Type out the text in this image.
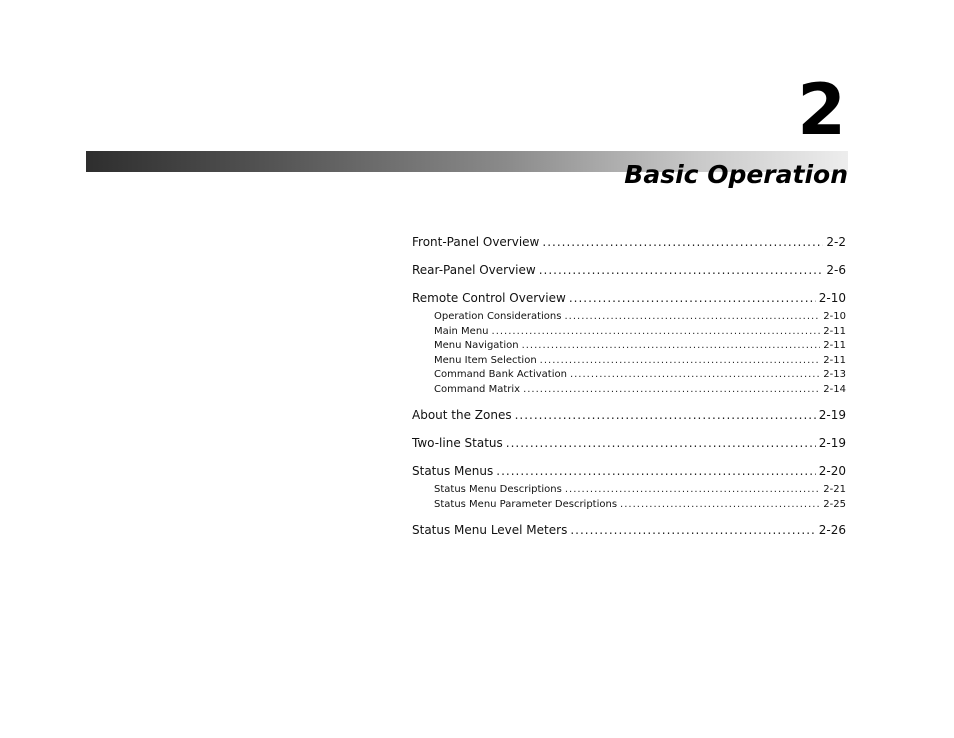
2
Basic Operation
Front-Panel Overview .....	2-2
Rear-Panel Overview .....	2-6
Remote Control Overview .....	2-10
Operation Considerations .....	2-10
Main Menu .....	2-11
Menu Navigation .....	2-11
Menu Item Selection .....	2-11
Command Bank Activation .....	2-13
Command Matrix .....	2-14
About the Zones .....	2-19
Two-line Status .....	2-19
Status Menus .....	2-20
Status Menu Descriptions .....	2-21
Status Menu Parameter Descriptions .....	2-25
Status Menu Level Meters .....	2-26
